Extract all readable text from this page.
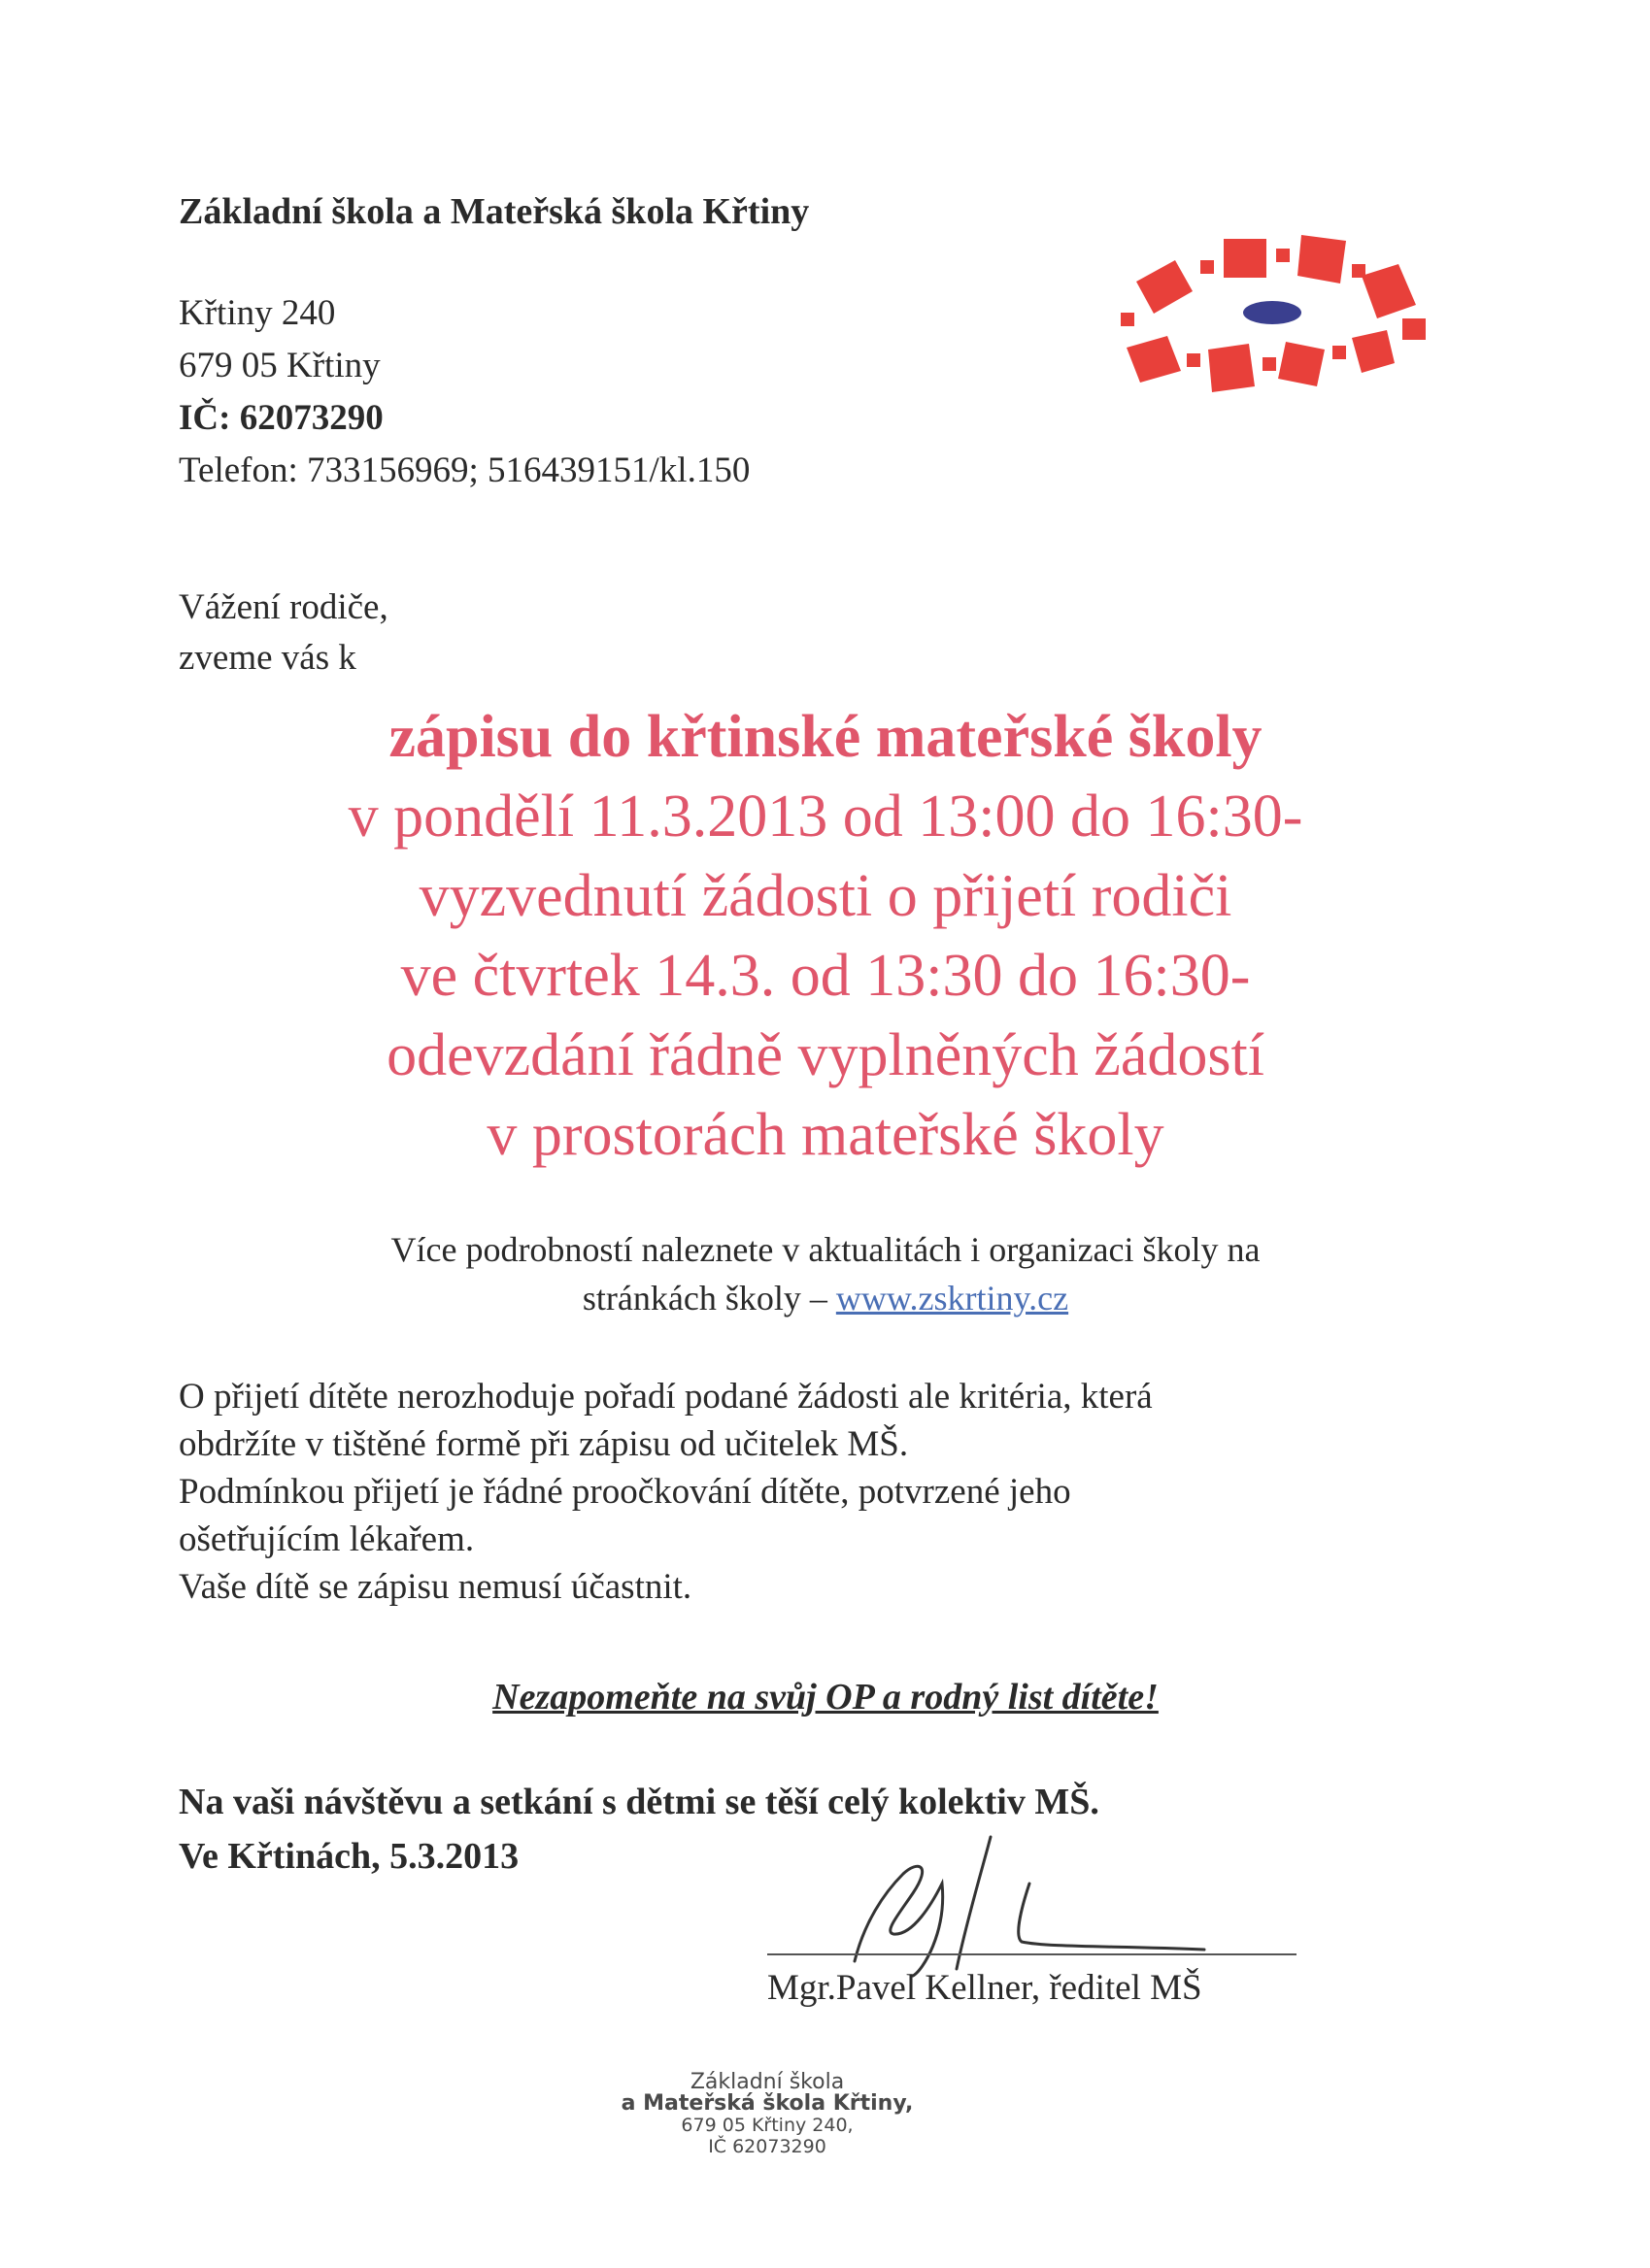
Základní škola a Mateřská škola Křtiny
Křtiny 240
679 05 Křtiny
IČ: 62073290
Telefon: 733156969; 516439151/kl.150
Vážení rodiče,
zveme vás k
zápisu do křtinské mateřské školy
v pondělí 11.3.2013 od 13:00 do 16:30-
vyzvednutí žádosti o přijetí rodiči
ve čtvrtek 14.3. od 13:30 do 16:30-
odevzdání řádně vyplněných žádostí
v prostorách mateřské školy
Více podrobností naleznete v aktualitách i organizaci školy na
stránkách školy – www.zskrtiny.cz
O přijetí dítěte nerozhoduje pořadí podané žádosti ale kritéria, která
obdržíte v tištěné formě při zápisu od učitelek MŠ.
Podmínkou přijetí je řádné proočkování dítěte, potvrzené jeho
ošetřujícím lékařem.
Vaše dítě se zápisu nemusí účastnit.
Nezapomeňte na svůj OP a rodný list dítěte!
Na vaši návštěvu a setkání s dětmi se těší celý kolektiv MŠ.
Ve Křtinách, 5.3.2013
Mgr.Pavel Kellner, ředitel MŠ
Základní škola
a Mateřská škola Křtiny,
679 05 Křtiny 240,
IČ 62073290
